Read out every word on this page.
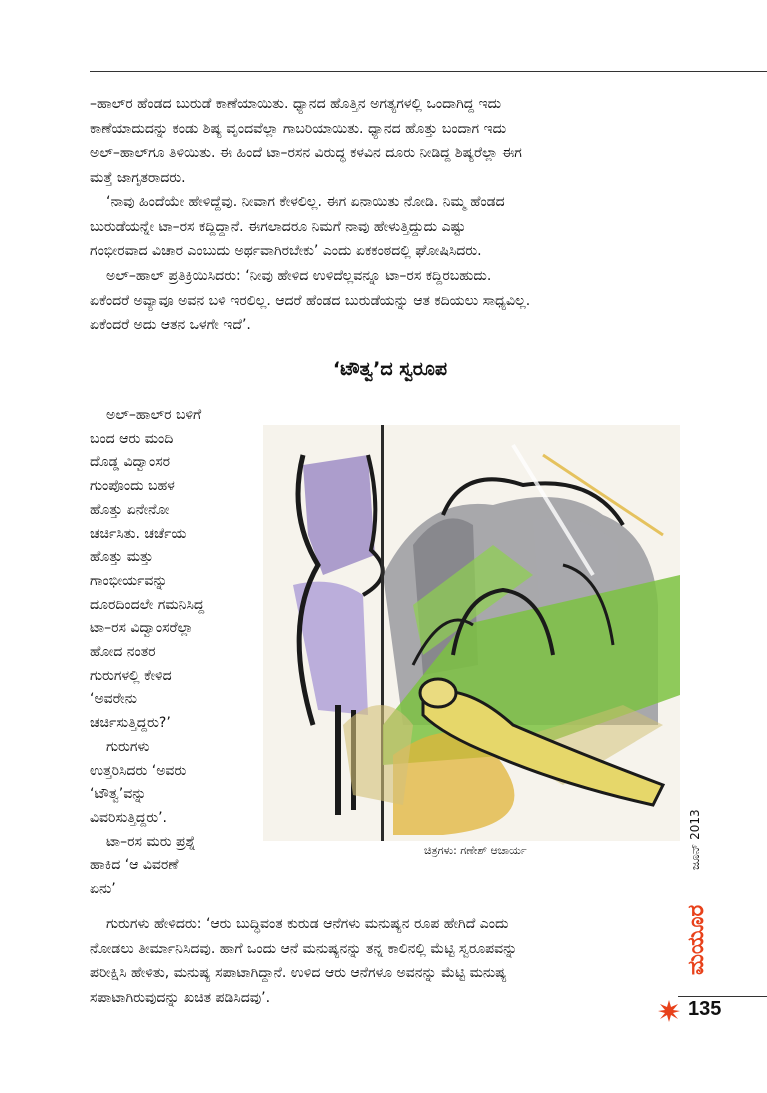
–ಹಾಲ್‌ರ ಹೆಂಡದ ಬುರುಡೆ ಕಾಣೆಯಾಯಿತು. ಧ್ಯಾನದ ಹೊತ್ತಿನ ಅಗತ್ಯಗಳಲ್ಲಿ ಒಂದಾಗಿದ್ದ ಇದು
ಕಾಣೆಯಾದುದನ್ನು ಕಂಡು ಶಿಷ್ಯ ವೃಂದವೆಲ್ಲಾ ಗಾಬರಿಯಾಯಿತು. ಧ್ಯಾನದ ಹೊತ್ತು ಬಂದಾಗ ಇದು
ಅಲ್–ಹಾಲ್‌ಗೂ ತಿಳಿಯಿತು. ಈ ಹಿಂದೆ ಟಾ–ರಸನ ವಿರುದ್ಧ ಕಳವಿನ ದೂರು ನೀಡಿದ್ದ ಶಿಷ್ಯರೆಲ್ಲಾ ಈಗ
ಮತ್ತೆ ಜಾಗೃತರಾದರು.
‘ನಾವು ಹಿಂದೆಯೇ ಹೇಳಿದ್ದೆವು. ನೀವಾಗ ಕೇಳಲಿಲ್ಲ. ಈಗ ಏನಾಯಿತು ನೋಡಿ. ನಿಮ್ಮ ಹೆಂಡದ
ಬುರುಡೆಯನ್ನೇ ಟಾ–ರಸ ಕದ್ದಿದ್ದಾನೆ. ಈಗಲಾದರೂ ನಿಮಗೆ ನಾವು ಹೇಳುತ್ತಿದ್ದುದು ಎಷ್ಟು
ಗಂಭೀರವಾದ ವಿಚಾರ ಎಂಬುದು ಅರ್ಥವಾಗಿರಬೇಕು’ ಎಂದು ಏಕಕಂಠದಲ್ಲಿ ಘೋಷಿಸಿದರು.
ಅಲ್–ಹಾಲ್ ಪ್ರತಿಕ್ರಿಯಿಸಿದರು: ‘ನೀವು ಹೇಳಿದ ಉಳಿದೆಲ್ಲವನ್ನೂ ಟಾ–ರಸ ಕದ್ದಿರಬಹುದು.
ಏಕೆಂದರೆ ಅವ್ಯಾವೂ ಅವನ ಬಳಿ ಇರಲಿಲ್ಲ. ಆದರೆ ಹೆಂಡದ ಬುರುಡೆಯನ್ನು ಆತ ಕದಿಯಲು ಸಾಧ್ಯವಿಲ್ಲ.
ಏಕೆಂದರೆ ಅದು ಆತನ ಒಳಗೇ ಇದೆ’.
‘ಟೌತ್ವ’ದ ಸ್ವರೂಪ
ಅಲ್–ಹಾಲ್‌ರ ಬಳಿಗೆ
ಬಂದ ಆರು ಮಂದಿ
ದೊಡ್ಡ ವಿದ್ವಾಂಸರ
ಗುಂಪೊಂದು ಬಹಳ
ಹೊತ್ತು ಏನೇನೋ
ಚರ್ಚಿಸಿತು. ಚರ್ಚೆಯ
ಹೊತ್ತು ಮತ್ತು
ಗಾಂಭೀರ್ಯವನ್ನು
ದೂರದಿಂದಲೇ ಗಮನಿಸಿದ್ದ
ಟಾ–ರಸ ವಿದ್ವಾಂಸರೆಲ್ಲಾ
ಹೋದ ನಂತರ
ಗುರುಗಳಲ್ಲಿ ಕೇಳಿದ
‘ಅವರೇನು
ಚರ್ಚಿಸುತ್ತಿದ್ದರು?’
ಗುರುಗಳು
ಉತ್ತರಿಸಿದರು ‘ಅವರು
‘ಟೌತ್ವ’ವನ್ನು
ವಿವರಿಸುತ್ತಿದ್ದರು’.
ಟಾ–ರಸ ಮರು ಪ್ರಶ್ನೆ
ಹಾಕಿದ ‘ಆ ವಿವರಣೆ
ಏನು’
ಚಿತ್ರಗಳು: ಗಣೇಶ್ ಆಚಾರ್ಯ	ಜೂನ್ 2013
ಮಯೂರ
ಗುರುಗಳು ಹೇಳಿದರು: ‘ಆರು ಬುದ್ಧಿವಂತ ಕುರುಡ ಆನೆಗಳು ಮನುಷ್ಯನ ರೂಪ ಹೇಗಿದೆ ಎಂದು
ನೋಡಲು ತೀರ್ಮಾನಿಸಿದವು. ಹಾಗೆ ಒಂದು ಆನೆ ಮನುಷ್ಯನನ್ನು ತನ್ನ ಕಾಲಿನಲ್ಲಿ ಮೆಟ್ಟಿ ಸ್ವರೂಪವನ್ನು
ಪರೀಕ್ಷಿಸಿ ಹೇಳಿತು, ಮನುಷ್ಯ ಸಪಾಟಾಗಿದ್ದಾನೆ. ಉಳಿದ ಆರು ಆನೆಗಳೂ ಅವನನ್ನು ಮೆಟ್ಟಿ ಮನುಷ್ಯ
ಸಪಾಟಾಗಿರುವುದನ್ನು ಖಚಿತ ಪಡಿಸಿದವು’.
135
